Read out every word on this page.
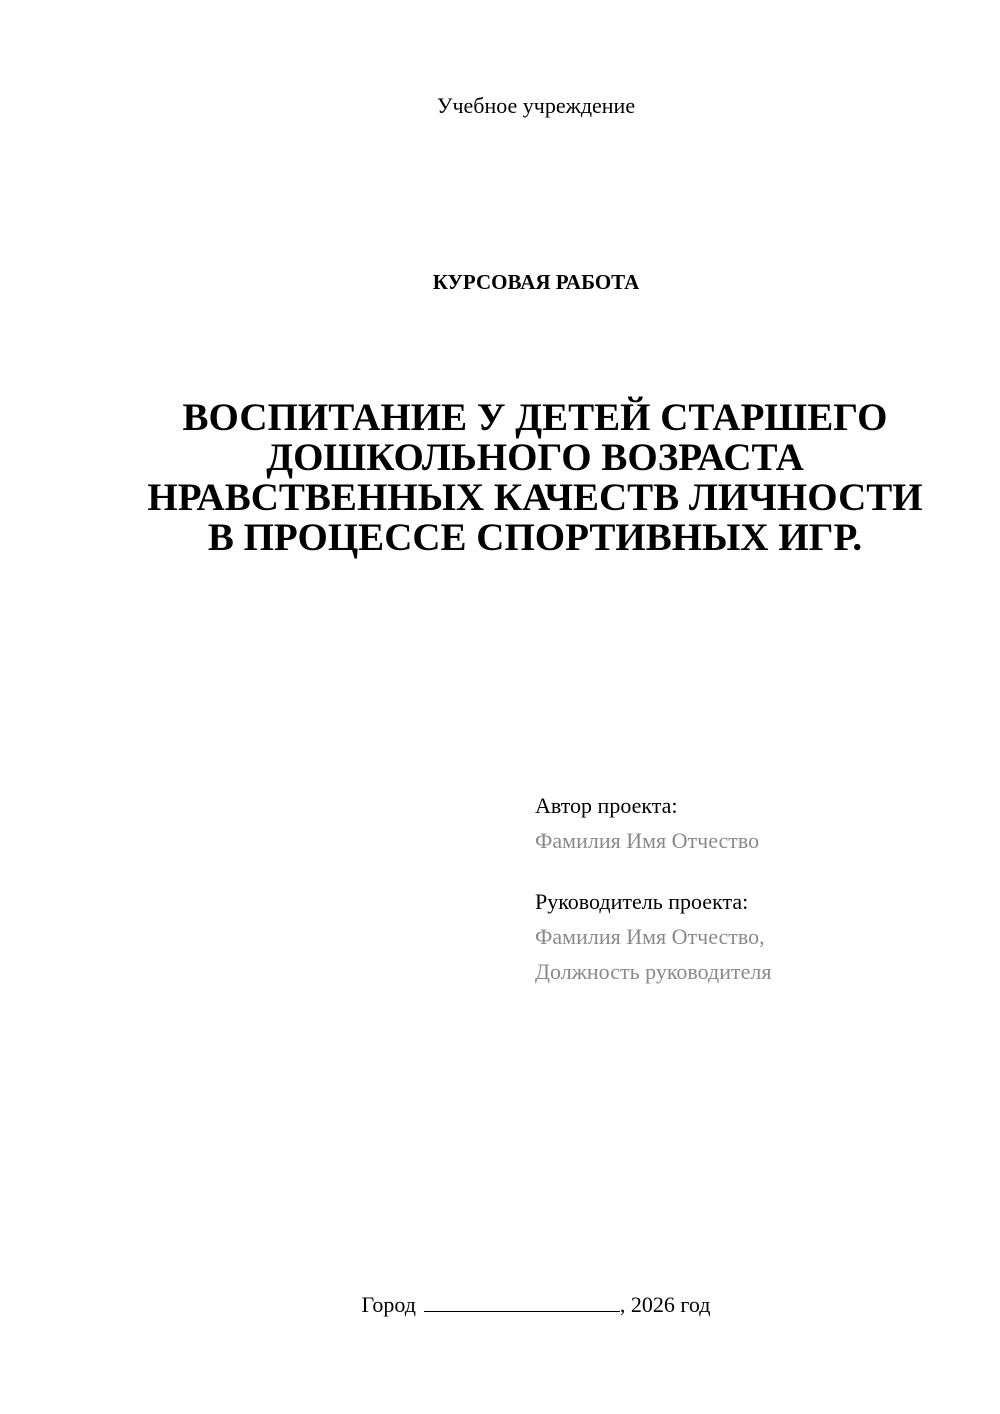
Учебное учреждение
КУРСОВАЯ РАБОТА
ВОСПИТАНИЕ У ДЕТЕЙ СТАРШЕГО
ДОШКОЛЬНОГО ВОЗРАСТА
НРАВСТВЕННЫХ КАЧЕСТВ ЛИЧНОСТИ
В ПРОЦЕССЕ СПОРТИВНЫХ ИГР.
Автор проекта:
Фамилия Имя Отчество
Руководитель проекта:
Фамилия Имя Отчество,
Должность руководителя
Город	, 2026 год
